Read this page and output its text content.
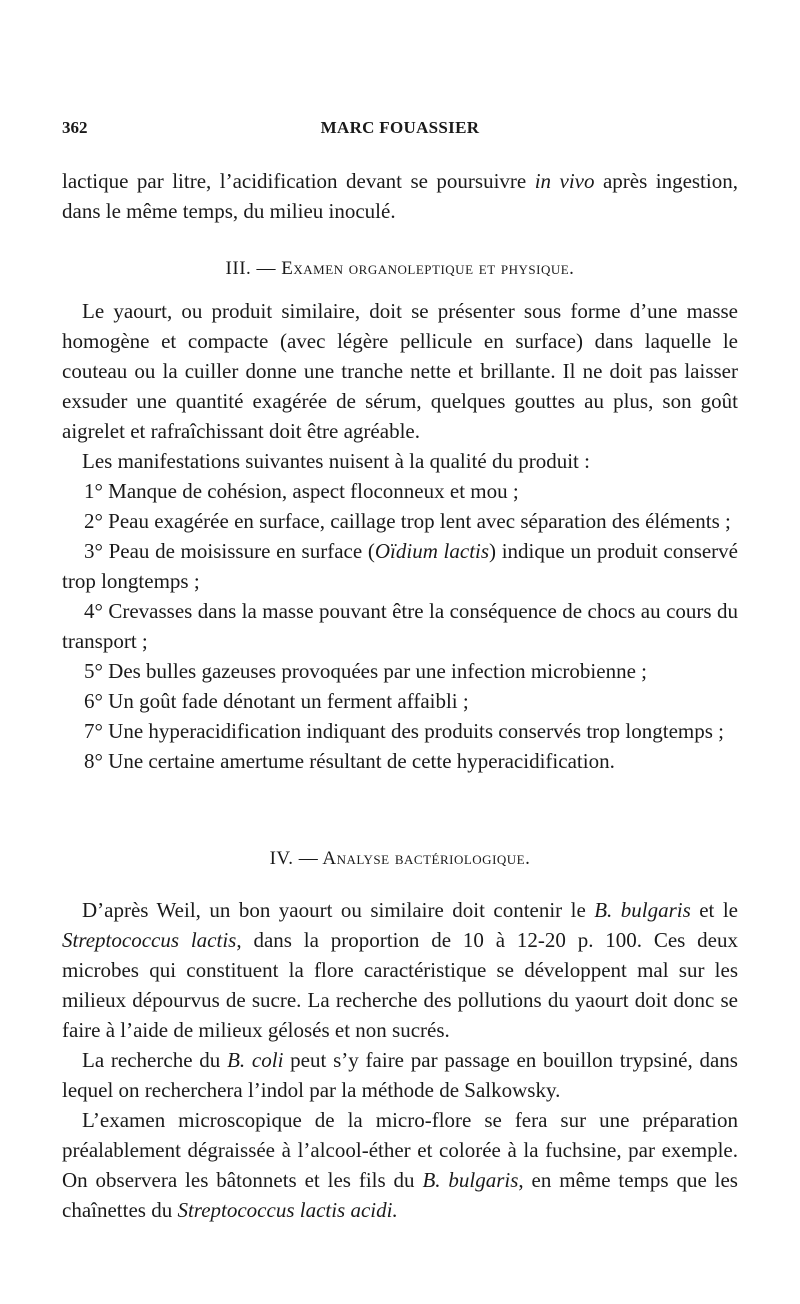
362	MARC FOUASSIER

lactique par litre, l’acidification devant se poursuivre in vivo après ingestion, dans le même temps, du milieu inoculé.

III. — Examen organoleptique et physique.

Le yaourt, ou produit similaire, doit se présenter sous forme d’une masse homogène et compacte (avec légère pellicule en surface) dans laquelle le couteau ou la cuiller donne une tranche nette et brillante. Il ne doit pas laisser exsuder une quantité exagérée de sérum, quelques gouttes au plus, son goût aigrelet et rafraîchissant doit être agréable.

Les manifestations suivantes nuisent à la qualité du produit :

1° Manque de cohésion, aspect floconneux et mou ;

2° Peau exagérée en surface, caillage trop lent avec séparation des éléments ;

3° Peau de moisissure en surface (Oïdium lactis) indique un produit conservé trop longtemps ;

4° Crevasses dans la masse pouvant être la conséquence de chocs au cours du transport ;

5° Des bulles gazeuses provoquées par une infection microbienne ;

6° Un goût fade dénotant un ferment affaibli ;

7° Une hyperacidification indiquant des produits conservés trop longtemps ;

8° Une certaine amertume résultant de cette hyperacidification.

IV. — Analyse bactériologique.

D’après Weil, un bon yaourt ou similaire doit contenir le B. bulgaris et le Streptococcus lactis, dans la proportion de 10 à 12-20 p. 100. Ces deux microbes qui constituent la flore caractéristique se développent mal sur les milieux dépourvus de sucre. La recherche des pollutions du yaourt doit donc se faire à l’aide de milieux gélosés et non sucrés.

La recherche du B. coli peut s’y faire par passage en bouillon trypsiné, dans lequel on recherchera l’indol par la méthode de Salkowsky.

L’examen microscopique de la micro-flore se fera sur une préparation préalablement dégraissée à l’alcool-éther et colorée à la fuchsine, par exemple. On observera les bâtonnets et les fils du B. bulgaris, en même temps que les chaînettes du Streptococcus lactis acidi.
